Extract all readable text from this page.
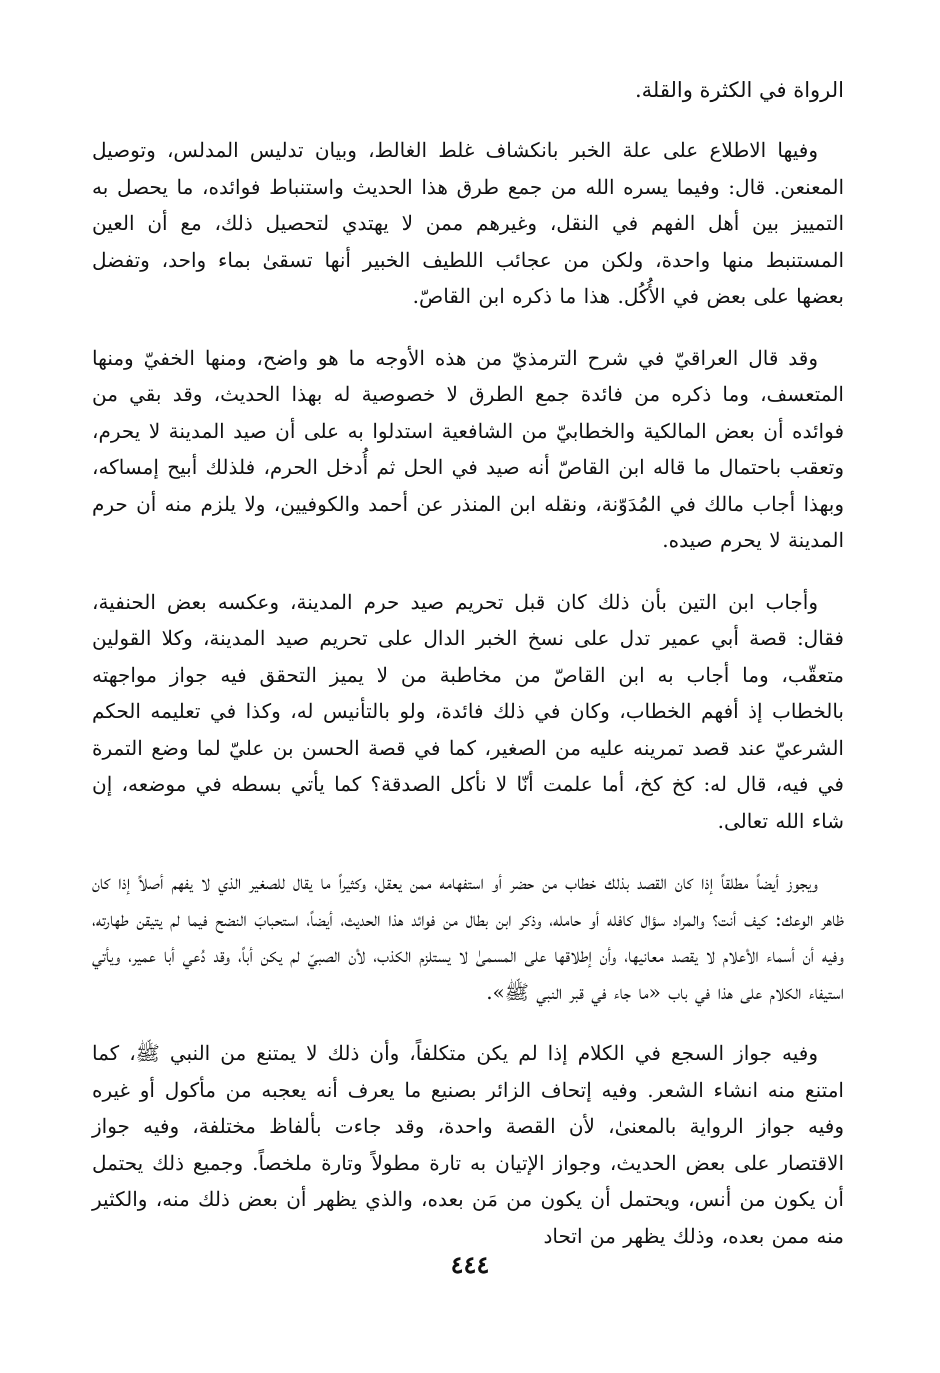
الرواة في الكثرة والقلة.

وفيها الاطلاع على علة الخبر بانكشاف غلط الغالط، وبيان تدليس المدلس، وتوصيل المعنعن. قال: وفيما يسره الله من جمع طرق هذا الحديث واستنباط فوائده، ما يحصل به التمييز بين أهل الفهم في النقل، وغيرهم ممن لا يهتدي لتحصيل ذلك، مع أن العين المستنبط منها واحدة، ولكن من عجائب اللطيف الخبير أنها تسقىٰ بماء واحد، وتفضل بعضها على بعض في الأُكُل. هذا ما ذكره ابن القاصّ.

وقد قال العراقيّ في شرح الترمذيّ من هذه الأوجه ما هو واضح، ومنها الخفيّ ومنها المتعسف، وما ذكره من فائدة جمع الطرق لا خصوصية له بهذا الحديث، وقد بقي من فوائده أن بعض المالكية والخطابيّ من الشافعية استدلوا به على أن صيد المدينة لا يحرم، وتعقب باحتمال ما قاله ابن القاصّ أنه صيد في الحل ثم أُدخل الحرم، فلذلك أبيح إمساكه، وبهذا أجاب مالك في المُدَوّنة، ونقله ابن المنذر عن أحمد والكوفيين، ولا يلزم منه أن حرم المدينة لا يحرم صيده.

وأجاب ابن التين بأن ذلك كان قبل تحريم صيد حرم المدينة، وعكسه بعض الحنفية، فقال: قصة أبي عمير تدل على نسخ الخبر الدال على تحريم صيد المدينة، وكلا القولين متعقّب، وما أجاب به ابن القاصّ من مخاطبة من لا يميز التحقق فيه جواز مواجهته بالخطاب إذ أفهم الخطاب، وكان في ذلك فائدة، ولو بالتأنيس له، وكذا في تعليمه الحكم الشرعيّ عند قصد تمرينه عليه من الصغير، كما في قصة الحسن بن عليّ لما وضع التمرة في فيه، قال له: كخ كخ، أما علمت أنّا لا نأكل الصدقة؟ كما يأتي بسطه في موضعه، إن شاء الله تعالى.

ويجوز أيضاً مطلقاً إذا كان القصد بذلك خطاب من حضر أو استفهامه ممن يعقل، وكثيراً ما يقال للصغير الذي لا يفهم أصلاً إذا كان ظاهر الوعك: كيف أنت؟ والمراد سؤال كافله أو حامله، وذكر ابن بطال من فوائد هذا الحديث، أيضاً، استحبابَ النضح فيما لم يتيقن طهارته، وفيه أن أسماء الأعلام لا يقصد معانيها، وأن إطلاقها على المسمىٰ لا يستلزم الكذب، لأن الصبيّ لم يكن أباً، وقد دُعي أبا عمير، ويأتي استيفاء الكلام على هذا في باب «ما جاء في قبر النبي ﷺ».

وفيه جواز السجع في الكلام إذا لم يكن متكلفاً، وأن ذلك لا يمتنع من النبي ﷺ، كما امتنع منه انشاء الشعر. وفيه إتحاف الزائر بصنيع ما يعرف أنه يعجبه من مأكول أو غيره وفيه جواز الرواية بالمعنىٰ، لأن القصة واحدة، وقد جاءت بألفاظ مختلفة، وفيه جواز الاقتصار على بعض الحديث، وجواز الإتيان به تارة مطولاً وتارة ملخصاً. وجميع ذلك يحتمل أن يكون من أنس، ويحتمل أن يكون من مَن بعده، والذي يظهر أن بعض ذلك منه، والكثير منه ممن بعده، وذلك يظهر من اتحاد

٤٤٤
